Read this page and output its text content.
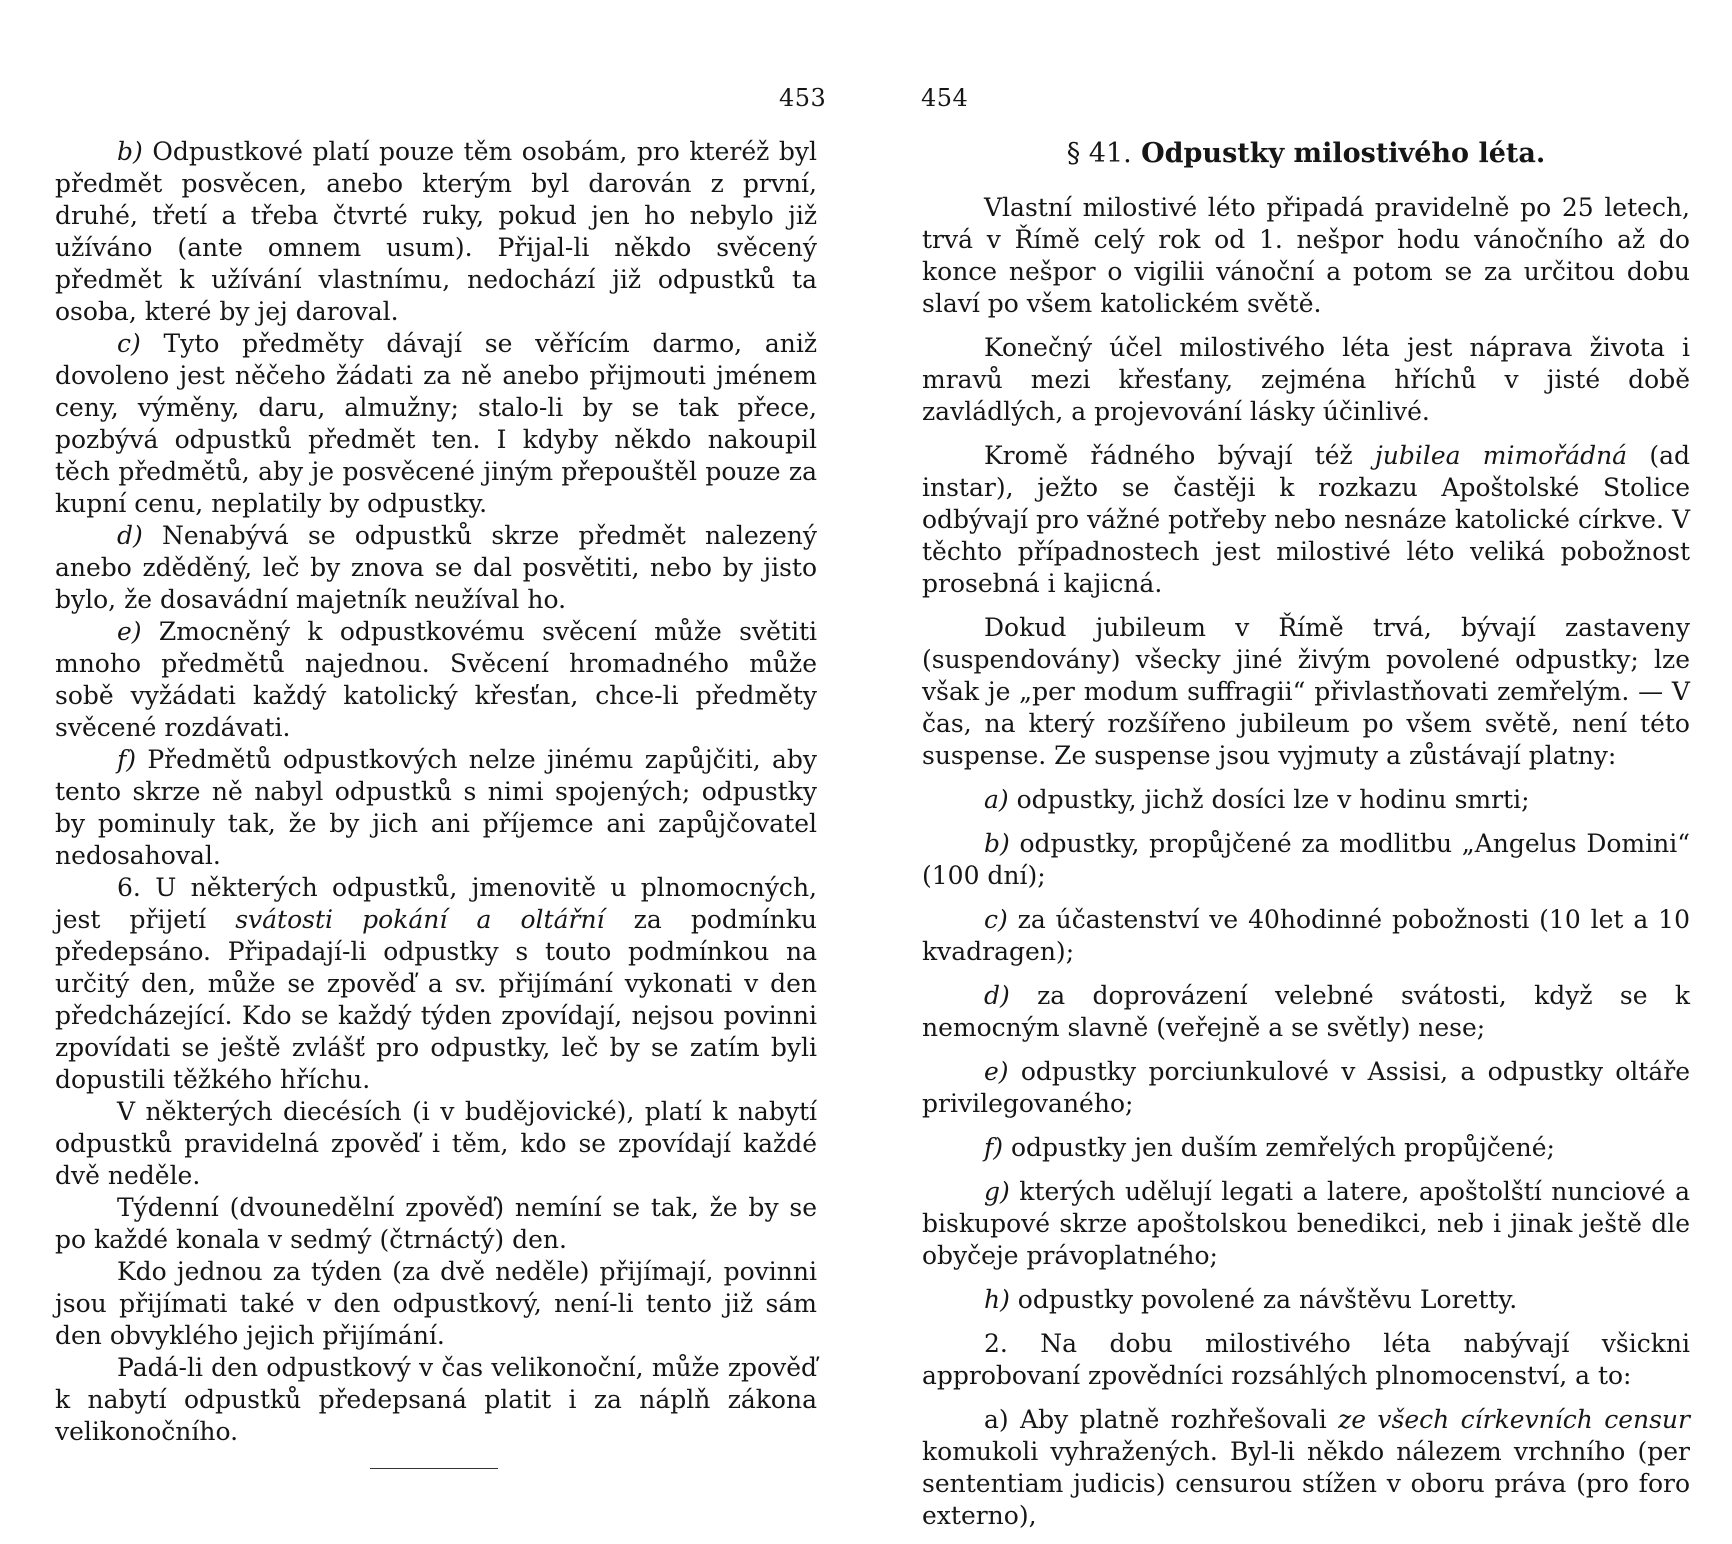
453

b) Odpustkové platí pouze těm osobám, pro kteréž byl předmět posvěcen, anebo kterým byl darován z první, druhé, třetí a třeba čtvrté ruky, pokud jen ho nebylo již užíváno (ante omnem usum). Přijal-li někdo svěcený předmět k užívání vlastnímu, nedochází již odpustků ta osoba, které by jej daroval.

c) Tyto předměty dávají se věřícím darmo, aniž dovoleno jest něčeho žádati za ně anebo přijmouti jménem ceny, výměny, daru, almužny; stalo-li by se tak přece, pozbývá odpustků předmět ten. I kdyby někdo nakoupil těch předmětů, aby je posvěcené jiným přepouštěl pouze za kupní cenu, neplatily by odpustky.

d) Nenabývá se odpustků skrze předmět nalezený anebo zděděný, leč by znova se dal posvětiti, nebo by jisto bylo, že dosavádní majetník neužíval ho.

e) Zmocněný k odpustkovému svěcení může světiti mnoho předmětů najednou. Svěcení hromadného může sobě vyžádati každý katolický křesťan, chce-li předměty svěcené rozdávati.

f) Předmětů odpustkových nelze jinému zapůjčiti, aby tento skrze ně nabyl odpustků s nimi spojených; odpustky by pominuly tak, že by jich ani příjemce ani zapůjčovatel nedosahoval.

6. U některých odpustků, jmenovitě u plnomocných, jest přijetí svátosti pokání a oltářní za podmínku předepsáno. Připadají-li odpustky s touto podmínkou na určitý den, může se zpověď a sv. přijímání vykonati v den předcházející. Kdo se každý týden zpovídají, nejsou povinni zpovídati se ještě zvlášť pro odpustky, leč by se zatím byli dopustili těžkého hříchu.

V některých diecésích (i v budějovické), platí k nabytí odpustků pravidelná zpověď i těm, kdo se zpovídají každé dvě neděle.

Týdenní (dvounedělní zpověď) nemíní se tak, že by se po každé konala v sedmý (čtrnáctý) den.

Kdo jednou za týden (za dvě neděle) přijímají, povinni jsou přijímati také v den odpustkový, není-li tento již sám den obvyklého jejich přijímání.

Padá-li den odpustkový v čas velikonoční, může zpověď k nabytí odpustků předepsaná platit i za náplň zákona velikonočního.

454
§ 41. Odpustky milostivého léta.

Vlastní milostivé léto připadá pravidelně po 25 letech, trvá v Římě celý rok od 1. nešpor hodu vánočního až do konce nešpor o vigilii vánoční a potom se za určitou dobu slaví po všem katolickém světě.

Konečný účel milostivého léta jest náprava života i mravů mezi křesťany, zejména hříchů v jisté době zavládlých, a projevování lásky účinlivé.

Kromě řádného bývají též jubilea mimořádná (ad instar), ježto se častěji k rozkazu Apoštolské Stolice odbývají pro vážné potřeby nebo nesnáze katolické církve. V těchto případnostech jest milostivé léto veliká pobožnost prosebná i kajicná.

Dokud jubileum v Římě trvá, bývají zastaveny (suspendovány) všecky jiné živým povolené odpustky; lze však je „per modum suffragii“ přivlastňovati zemřelým. — V čas, na který rozšířeno jubileum po všem světě, není této suspense. Ze suspense jsou vyjmuty a zůstávají platny:

a) odpustky, jichž dosíci lze v hodinu smrti;

b) odpustky, propůjčené za modlitbu „Angelus Domini“ (100 dní);

c) za účastenství ve 40hodinné pobožnosti (10 let a 10 kvadragen);

d) za doprovázení velebné svátosti, když se k nemocným slavně (veřejně a se světly) nese;

e) odpustky porciunkulové v Assisi, a odpustky oltáře privilegovaného;

f) odpustky jen duším zemřelých propůjčené;

g) kterých udělují legati a latere, apoštolští nunciové a biskupové skrze apoštolskou benedikci, neb i jinak ještě dle obyčeje právoplatného;

h) odpustky povolené za návštěvu Loretty.

2. Na dobu milostivého léta nabývají všickni approbovaní zpovědníci rozsáhlých plnomocenství, a to:

a) Aby platně rozhřešovali ze všech církevních censur komukoli vyhražených. Byl-li někdo nálezem vrchního (per sententiam judicis) censurou stížen v oboru práva (pro foro externo),
